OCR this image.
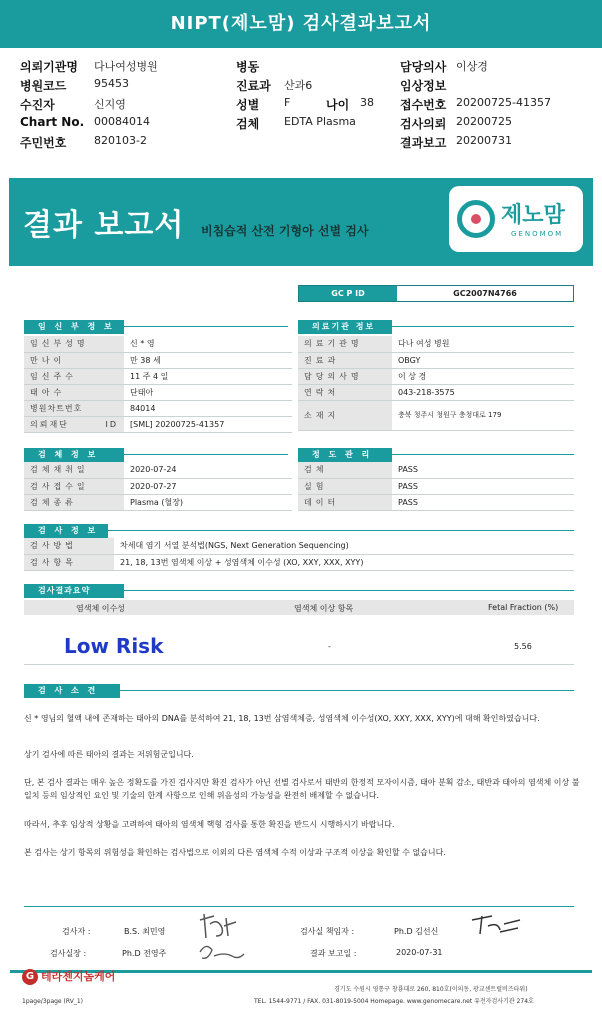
NIPT(제노맘) 검사결과보고서
의뢰기관명 다나여성병원	병동	담당의사 이상경
병원코드	95453	진료과 산과6	임상정보
수진자	신지영	성별 F	나이 38 접수번호 20200725-41357
Chart No. 00084014	검체 EDTA Plasma	검사의뢰 20200725
주민번호	820103-2	결과보고 20200731
결과 보고서 비침습적 산전 기형아 선별 검사
제노맘
GENOMOM
GC P ID	GC2007N4766
임 신 부 정 보
임신부성명	신 * 영
만나이	만 38 세
임신주수	11 주 4 일
태아수	단태아
병원차트번호	84014
의뢰재단 ID	[SML] 20200725-41357
의료기관 정보
의료기관명	다나 여성 병원
진료과	OBGY
담당의사명	이 상 경
연락처	043-218-3575
소재지	충북 청주시 청원구 충청대로 179
검 체 정 보
검체채취일	2020-07-24
검사접수일	2020-07-27
검체종류	Plasma (혈장)
정 도 관 리
검체	PASS
실험	PASS
데이터	PASS
검 사 정 보
검사방법	차세대 염기 서열 분석법(NGS, Next Generation Sequencing)
검사항목	21, 18, 13번 염색체 이상 + 성염색체 이수성 (XO, XXY, XXX, XYY)
검사결과요약
염색체 이수성	염색체 이상 항목	Fetal Fraction (%)
Low Risk	-	5.56
검 사 소 견
신 * 영님의 혈액 내에 존재하는 태아의 DNA를 분석하여 21, 18, 13번 삼염색체증, 성염색체 이수성(XO, XXY, XXX, XYY)에 대해 확인하였습니다.
상기 검사에 따른 태아의 결과는 저위험군입니다.
단, 본 검사 결과는 매우 높은 정확도를 가진 검사지만 확진 검사가 아닌 선별 검사로서 태반의 한정적 모자이시즘, 태아 분획 감소, 태반과 태아의 염색체 이상 불일치 등의 임상적인 요인 및 기술의 한계 사항으로 인해 위음성의 가능성을 완전히 배제할 수 없습니다.
따라서, 추후 임상적 상황을 고려하여 태아의 염색체 핵형 검사를 통한 확진을 반드시 시행하시기 바랍니다.
본 검사는 상기 항목의 위험성을 확인하는 검사법으로 이외의 다른 염색체 수적 이상과 구조적 이상을 확인할 수 없습니다.
검사자 :	B.S. 최민영	검사실 책임자 :	Ph.D 김선신
검사실장 :	Ph.D 전영주	결과 보고일 :	2020-07-31
G 테라젠지놈케어
1page/3page (RV_1)
경기도 수원시 영통구 창룡대로 260, 810호(이의동, 광교센트럴비즈타워)
TEL. 1544-9771 / FAX. 031-8019-5004 Homepage. www.genomecare.net 유전자검사기관 274호
